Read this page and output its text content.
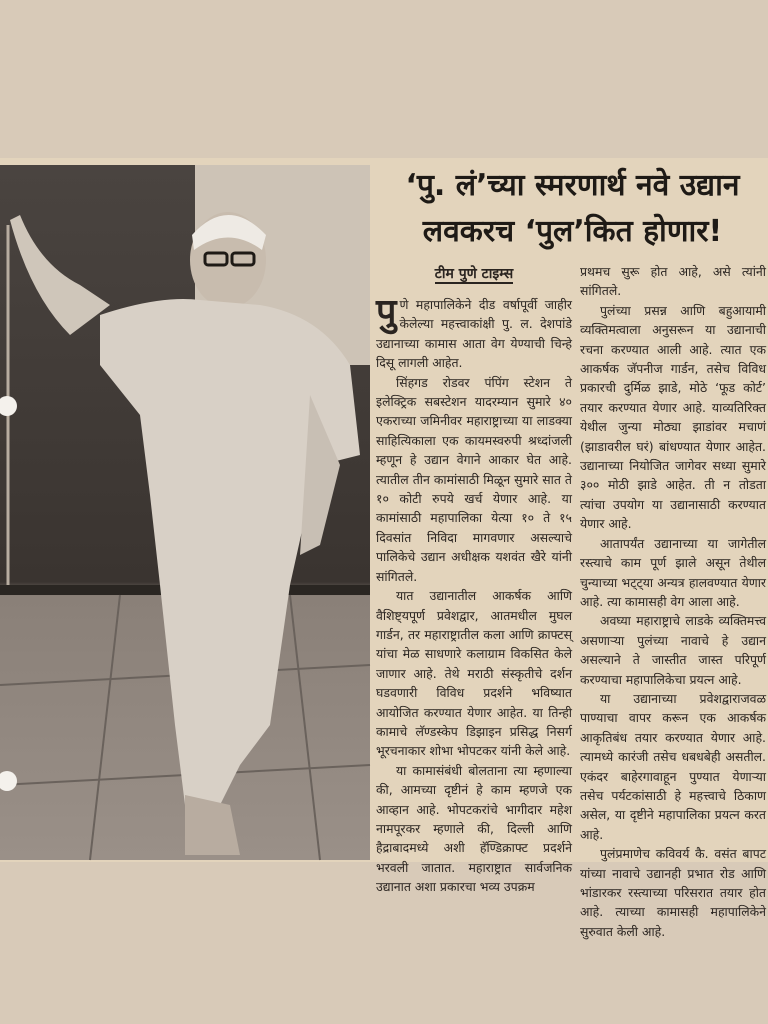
‘पु. लं’च्या स्मरणार्थ नवे उद्यान
लवकरच ‘पुल’कित होणार!

टीम पुणे टाइम्स

पुणे महापालिकेने दीड वर्षापूर्वी जाहीर केलेल्या महत्त्वाकांक्षी पु. ल. देशपांडे उद्यानाच्या कामास आता वेग येण्याची चिन्हे दिसू लागली आहेत.

सिंहगड रोडवर पंपिंग स्टेशन ते इलेक्ट्रिक सबस्टेशन यादरम्यान सुमारे ४० एकराच्या जमिनीवर महाराष्ट्राच्या या लाडक्या साहित्यिकाला एक कायमस्वरुपी श्रध्दांजली म्हणून हे उद्यान वेगाने आकार घेत आहे. त्यातील तीन कामांसाठी मिळून सुमारे सात ते १० कोटी रुपये खर्च येणार आहे. या कामांसाठी महापालिका येत्या १० ते १५ दिवसांत निविदा मागवणार असल्याचे पालिकेचे उद्यान अधीक्षक यशवंत खैरे यांनी सांगितले.

यात उद्यानातील आकर्षक आणि वैशिष्ट्यपूर्ण प्रवेशद्वार, आतमधील मुघल गार्डन, तर महाराष्ट्रातील कला आणि क्राफ्टस् यांचा मेळ साधणारे कलाग्राम विकसित केले जाणार आहे. तेथे मराठी संस्कृतीचे दर्शन घडवणारी विविध प्रदर्शने भविष्यात आयोजित करण्यात येणार आहेत. या तिन्ही कामाचे लॅण्डस्केप डिझाइन प्रसिद्ध निसर्ग भूरचनाकार शोभा भोपटकर यांनी केले आहे.

या कामासंबंधी बोलताना त्या म्हणाल्या की, आमच्या दृष्टीनं हे काम म्हणजे एक आव्हान आहे. भोपटकरांचे भागीदार महेश नामपूरकर म्हणाले की, दिल्ली आणि हैद्राबादमध्ये अशी हॅण्डिक्राफ्ट प्रदर्शने भरवली जातात. महाराष्ट्रात सार्वजनिक उद्यानात अशा प्रकारचा भव्य उपक्रम

प्रथमच सुरू होत आहे, असे त्यांनी सांगितले.

पुलंच्या प्रसन्न आणि बहुआयामी व्यक्तिमत्वाला अनुसरून या उद्यानाची रचना करण्यात आली आहे. त्यात एक आकर्षक जॅपनीज गार्डन, तसेच विविध प्रकारची दुर्मिळ झाडे, मोठे ‘फूड कोर्ट’ तयार करण्यात येणार आहे. याव्यतिरिक्त येथील जुन्या मोठ्या झाडांवर मचाणं (झाडावरील घरं) बांधण्यात येणार आहेत. उद्यानाच्या नियोजित जागेवर सध्या सुमारे ३०० मोठी झाडे आहेत. ती न तोडता त्यांचा उपयोग या उद्यानासाठी करण्यात येणार आहे.

आतापर्यंत उद्यानाच्या या जागेतील रस्त्याचे काम पूर्ण झाले असून तेथील चुन्याच्या भट्ट्या अन्यत्र हालवण्यात येणार आहे. त्या कामासही वेग आला आहे.

अवघ्या महाराष्ट्राचे लाडके व्यक्तिमत्त्व असणाऱ्या पुलंच्या नावाचे हे उद्यान असल्याने ते जास्तीत जास्त परिपूर्ण करण्याचा महापालिकेचा प्रयत्न आहे.

या उद्यानाच्या प्रवेशद्वाराजवळ पाण्याचा वापर करून एक आकर्षक आकृतिबंध तयार करण्यात येणार आहे. त्यामध्ये कारंजी तसेच धबधबेही असतील. एकंदर बाहेरगावाहून पुण्यात येणाऱ्या तसेच पर्यटकांसाठी हे महत्त्वाचे ठिकाण असेल, या दृष्टीने महापालिका प्रयत्न करत आहे.

पुलंप्रमाणेच कविवर्य कै. वसंत बापट यांच्या नावाचे उद्यानही प्रभात रोड आणि भांडारकर रस्त्याच्या परिसरात तयार होत आहे. त्याच्या कामासही महापालिकेने सुरुवात केली आहे.
